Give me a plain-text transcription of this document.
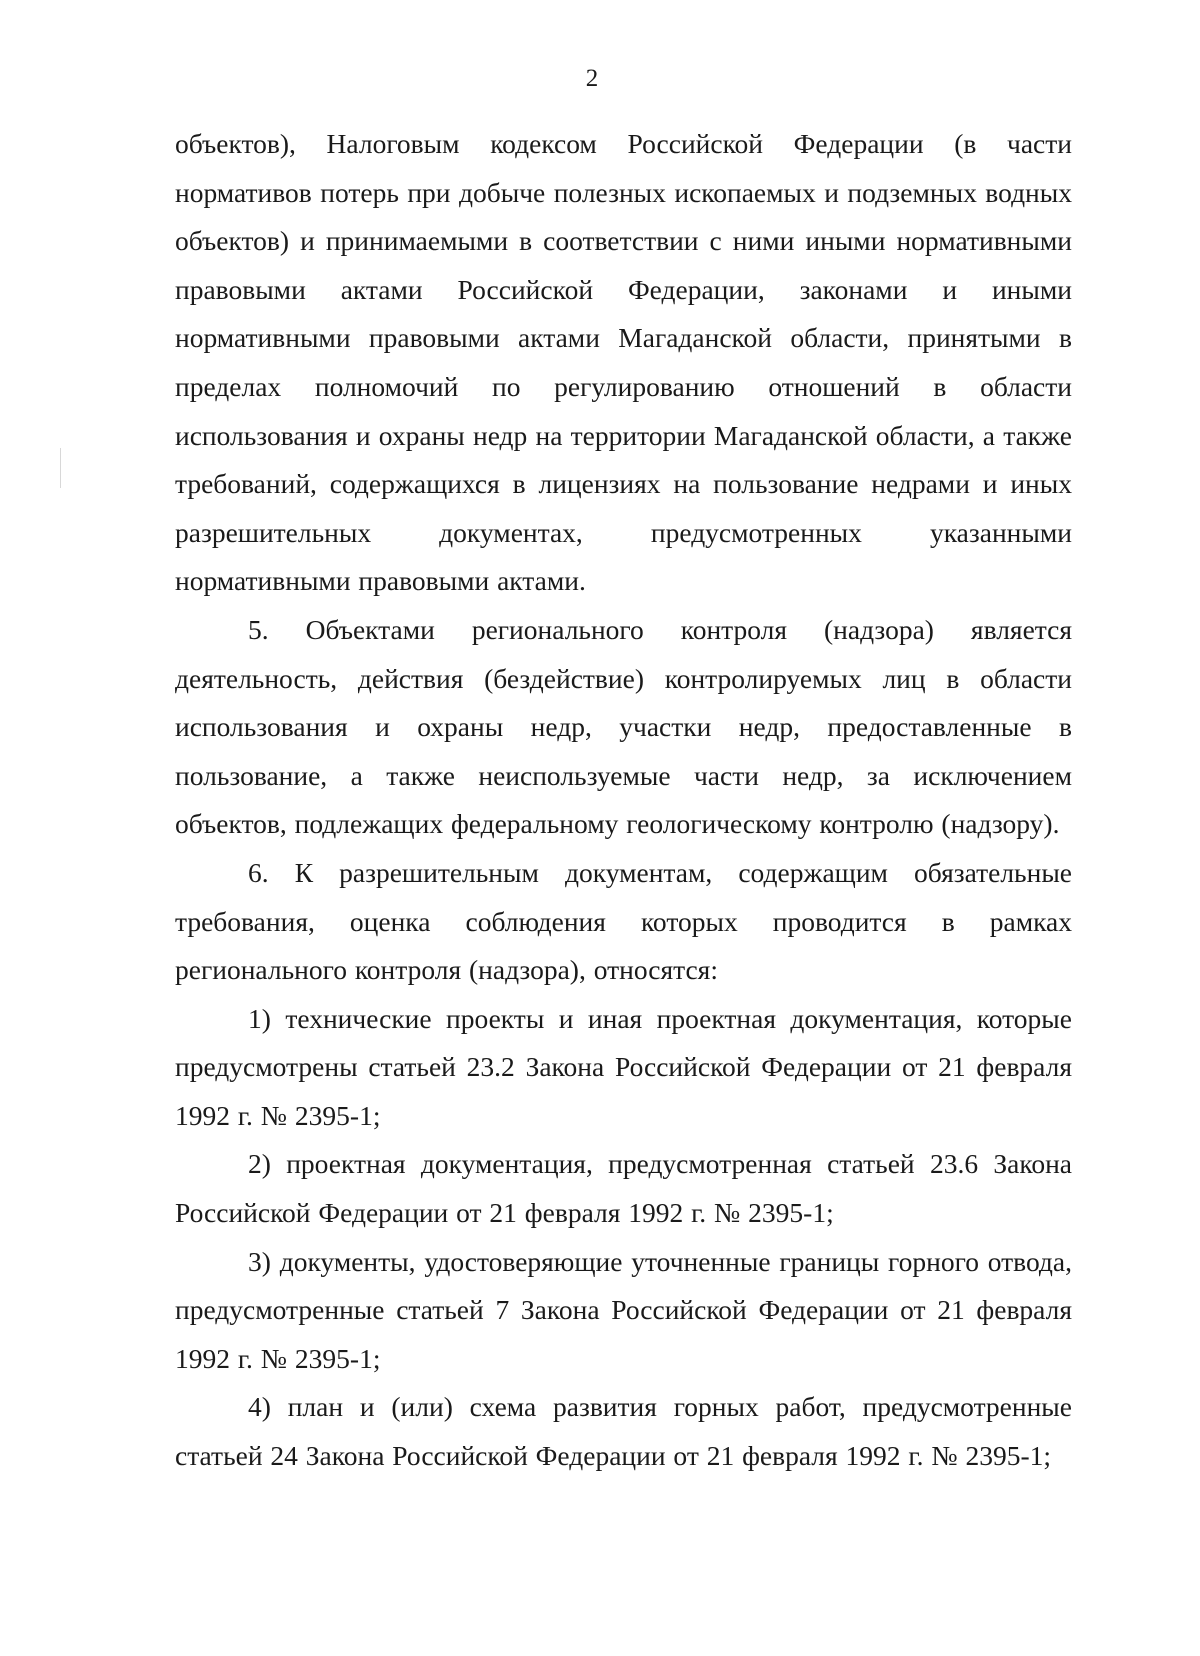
2

объектов), Налоговым кодексом Российской Федерации (в части нормативов потерь при добыче полезных ископаемых и подземных водных объектов) и принимаемыми в соответствии с ними иными нормативными правовыми актами Российской Федерации, законами и иными нормативными правовыми актами Магаданской области, принятыми в пределах полномочий по регулированию отношений в области использования и охраны недр на территории Магаданской области, а также требований, содержащихся в лицензиях на пользование недрами и иных разрешительных документах, предусмотренных указанными нормативными правовыми актами.

5. Объектами регионального контроля (надзора) является деятельность, действия (бездействие) контролируемых лиц в области использования и охраны недр, участки недр, предоставленные в пользование, а также неиспользуемые части недр, за исключением объектов, подлежащих федеральному геологическому контролю (надзору).

6. К разрешительным документам, содержащим обязательные требования, оценка соблюдения которых проводится в рамках регионального контроля (надзора), относятся:

1) технические проекты и иная проектная документация, которые предусмотрены статьей 23.2 Закона Российской Федерации от 21 февраля 1992 г. № 2395-1;

2) проектная документация, предусмотренная статьей 23.6 Закона Российской Федерации от 21 февраля 1992 г. № 2395-1;

3) документы, удостоверяющие уточненные границы горного отвода, предусмотренные статьей 7 Закона Российской Федерации от 21 февраля 1992 г. № 2395-1;

4) план и (или) схема развития горных работ, предусмотренные статьей 24 Закона Российской Федерации от 21 февраля 1992 г. № 2395-1;
